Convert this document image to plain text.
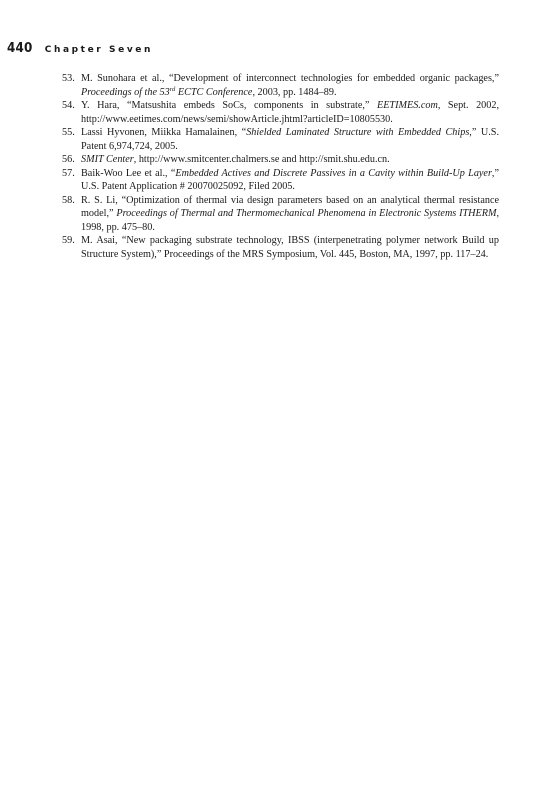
440 Chapter Seven
53. M. Sunohara et al., “Development of interconnect technologies for embedded organic packages,” Proceedings of the 53rd ECTC Conference, 2003, pp. 1484–89.
54. Y. Hara, “Matsushita embeds SoCs, components in substrate,” EETIMES.com, Sept. 2002, http://www.eetimes.com/news/semi/showArticle.jhtml?articleID=10805530.
55. Lassi Hyvonen, Miikka Hamalainen, “Shielded Laminated Structure with Embedded Chips,” U.S. Patent 6,974,724, 2005.
56. SMIT Center, http://www.smitcenter.chalmers.se and http://smit.shu.edu.cn.
57. Baik-Woo Lee et al., “Embedded Actives and Discrete Passives in a Cavity within Build-Up Layer,” U.S. Patent Application # 20070025092, Filed 2005.
58. R. S. Li, “Optimization of thermal via design parameters based on an analytical thermal resistance model,” Proceedings of Thermal and Thermomechanical Phenomena in Electronic Systems ITHERM, 1998, pp. 475–80.
59. M. Asai, “New packaging substrate technology, IBSS (interpenetrating polymer network Build up Structure System),” Proceedings of the MRS Symposium, Vol. 445, Boston, MA, 1997, pp. 117–24.
